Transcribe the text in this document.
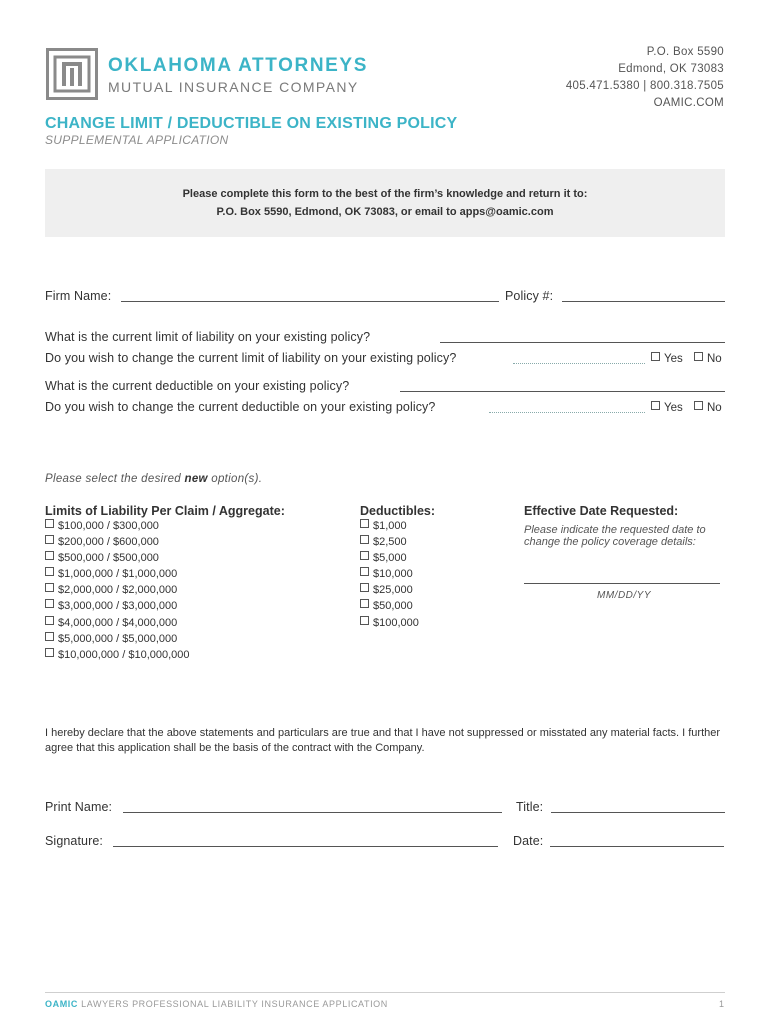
OKLAHOMA ATTORNEYS
MUTUAL INSURANCE COMPANY
P.O. Box 5590
Edmond, OK 73083
405.471.5380 | 800.318.7505
OAMIC.COM
CHANGE LIMIT / DEDUCTIBLE ON EXISTING POLICY
SUPPLEMENTAL APPLICATION
Please complete this form to the best of the firm’s knowledge and return it to:
P.O. Box 5590, Edmond, OK 73083, or email to apps@oamic.com
Firm Name:	Policy #:
What is the current limit of liability on your existing policy?
Do you wish to change the current limit of liability on your existing policy?	Yes	No
What is the current deductible on your existing policy?
Do you wish to change the current deductible on your existing policy?	Yes	No
Please select the desired new option(s).
Limits of Liability Per Claim / Aggregate:
$100,000 / $300,000
$200,000 / $600,000
$500,000 / $500,000
$1,000,000 / $1,000,000
$2,000,000 / $2,000,000
$3,000,000 / $3,000,000
$4,000,000 / $4,000,000
$5,000,000 / $5,000,000
$10,000,000 / $10,000,000
Deductibles:
$1,000
$2,500
$5,000
$10,000
$25,000
$50,000
$100,000
Effective Date Requested:
Please indicate the requested date to change the policy coverage details:
MM/DD/YY
I hereby declare that the above statements and particulars are true and that I have not suppressed or misstated any material facts. I further agree that this application shall be the basis of the contract with the Company.
Print Name:	Title:
Signature:	Date:
OAMIC LAWYERS PROFESSIONAL LIABILITY INSURANCE APPLICATION	1
